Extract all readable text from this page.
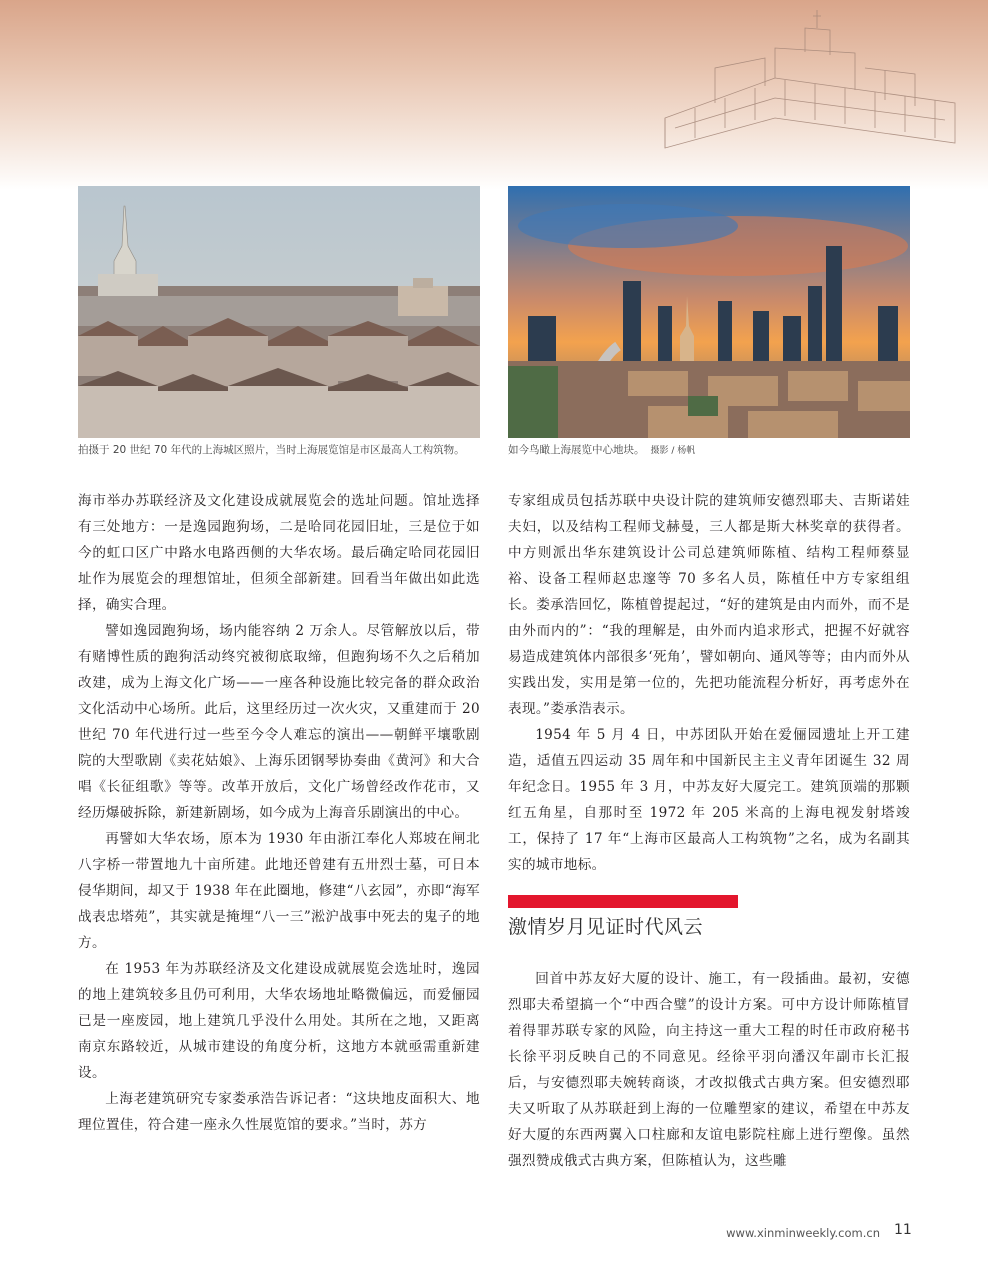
拍摄于 20 世纪 70 年代的上海城区照片，当时上海展览馆是市区最高人工构筑物。	如今鸟瞰上海展览中心地块。 摄影 / 杨帆

海市举办苏联经济及文化建设成就展览会的选址问题。馆址选择有三处地方：一是逸园跑狗场，二是哈同花园旧址，三是位于如今的虹口区广中路水电路西侧的大华农场。最后确定哈同花园旧址作为展览会的理想馆址，但须全部新建。回看当年做出如此选择，确实合理。

譬如逸园跑狗场，场内能容纳 2 万余人。尽管解放以后，带有赌博性质的跑狗活动终究被彻底取缔，但跑狗场不久之后稍加改建，成为上海文化广场——一座各种设施比较完备的群众政治文化活动中心场所。此后，这里经历过一次火灾，又重建而于 20 世纪 70 年代进行过一些至今令人难忘的演出——朝鲜平壤歌剧院的大型歌剧《卖花姑娘》、上海乐团钢琴协奏曲《黄河》和大合唱《长征组歌》等等。改革开放后，文化广场曾经改作花市，又经历爆破拆除，新建新剧场，如今成为上海音乐剧演出的中心。

再譬如大华农场，原本为 1930 年由浙江奉化人郑坡在闸北八字桥一带置地九十亩所建。此地还曾建有五卅烈士墓，可日本侵华期间，却又于 1938 年在此圈地，修建“八玄园”，亦即“海军战表忠塔苑”，其实就是掩埋“八一三”淞沪战事中死去的鬼子的地方。

在 1953 年为苏联经济及文化建设成就展览会选址时，逸园的地上建筑较多且仍可利用，大华农场地址略微偏远，而爱俪园已是一座废园，地上建筑几乎没什么用处。其所在之地，又距离南京东路较近，从城市建设的角度分析，这地方本就亟需重新建设。

上海老建筑研究专家娄承浩告诉记者：“这块地皮面积大、地理位置佳，符合建一座永久性展览馆的要求。”当时，苏方

专家组成员包括苏联中央设计院的建筑师安德烈耶夫、吉斯诺娃夫妇，以及结构工程师戈赫曼，三人都是斯大林奖章的获得者。中方则派出华东建筑设计公司总建筑师陈植、结构工程师蔡显裕、设备工程师赵忠邃等 70 多名人员，陈植任中方专家组组长。娄承浩回忆，陈植曾提起过，“好的建筑是由内而外，而不是由外而内的”：“我的理解是，由外而内追求形式，把握不好就容易造成建筑体内部很多‘死角’，譬如朝向、通风等等；由内而外从实践出发，实用是第一位的，先把功能流程分析好，再考虑外在表现。”娄承浩表示。

1954 年 5 月 4 日，中苏团队开始在爱俪园遗址上开工建造，适值五四运动 35 周年和中国新民主主义青年团诞生 32 周年纪念日。1955 年 3 月，中苏友好大厦完工。建筑顶端的那颗红五角星，自那时至 1972 年 205 米高的上海电视发射塔竣工，保持了 17 年“上海市区最高人工构筑物”之名，成为名副其实的城市地标。

激情岁月见证时代风云

回首中苏友好大厦的设计、施工，有一段插曲。最初，安德烈耶夫希望搞一个“中西合璧”的设计方案。可中方设计师陈植冒着得罪苏联专家的风险，向主持这一重大工程的时任市政府秘书长徐平羽反映自己的不同意见。经徐平羽向潘汉年副市长汇报后，与安德烈耶夫婉转商谈，才改拟俄式古典方案。但安德烈耶夫又听取了从苏联赶到上海的一位雕塑家的建议，希望在中苏友好大厦的东西两翼入口柱廊和友谊电影院柱廊上进行塑像。虽然强烈赞成俄式古典方案，但陈植认为，这些雕

www.xinminweekly.com.cn 11
